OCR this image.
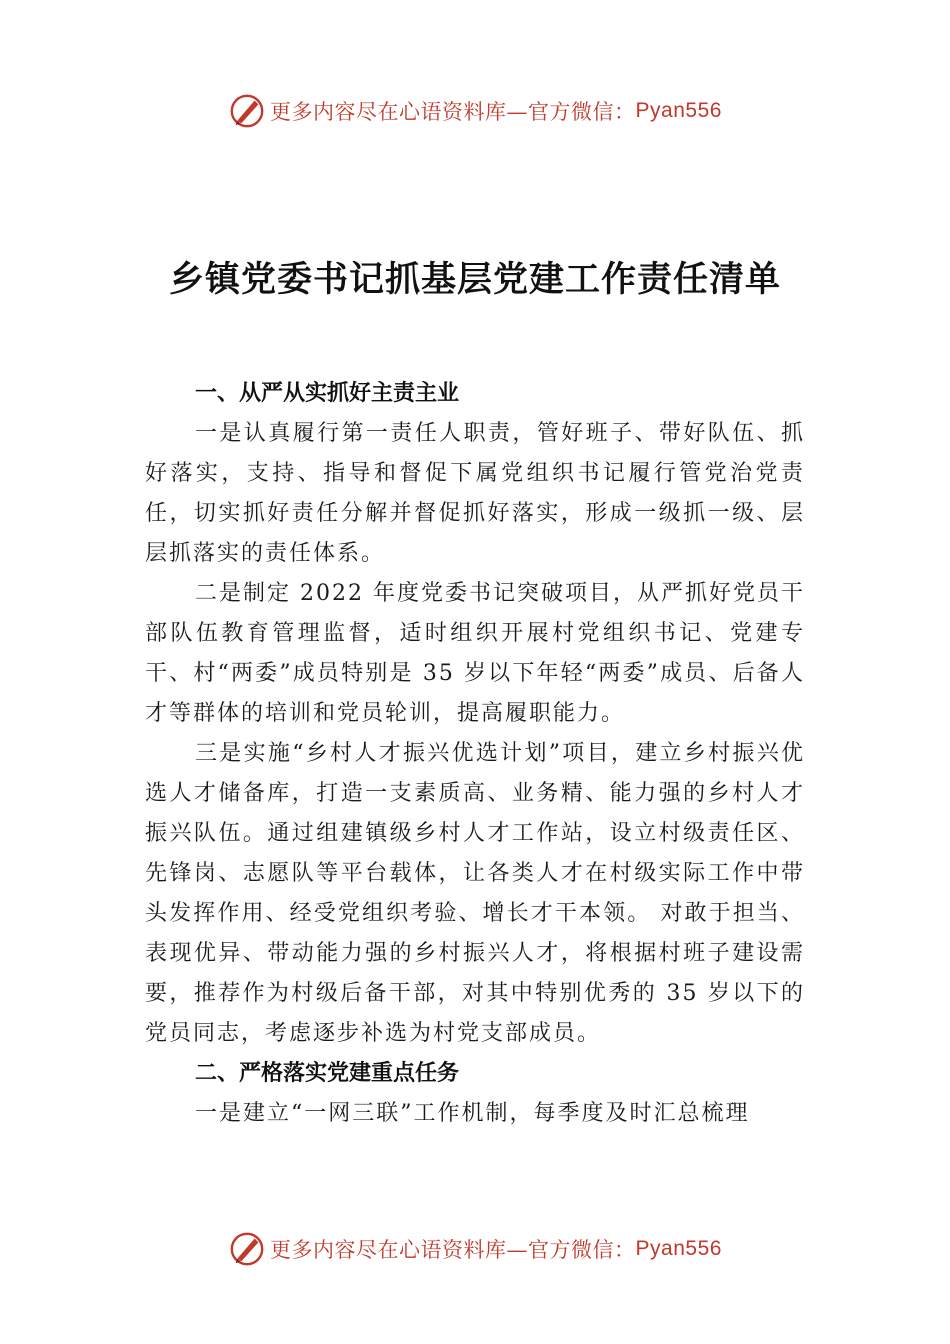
更多内容尽在心语资料库—官方微信： Pyan556
乡镇党委书记抓基层党建工作责任清单
一、从严从实抓好主责主业

一是认真履行第一责任人职责，管好班子、带好队伍、抓好落实，支持、指导和督促下属党组织书记履行管党治党责任，切实抓好责任分解并督促抓好落实，形成一级抓一级、层层抓落实的责任体系。

二是制定 2022 年度党委书记突破项目，从严抓好党员干部队伍教育管理监督，适时组织开展村党组织书记、党建专干、村“两委”成员特别是 35 岁以下年轻“两委”成员、后备人才等群体的培训和党员轮训，提高履职能力。

三是实施“乡村人才振兴优选计划”项目，建立乡村振兴优选人才储备库，打造一支素质高、业务精、能力强的乡村人才振兴队伍。通过组建镇级乡村人才工作站，设立村级责任区、先锋岗、志愿队等平台载体，让各类人才在村级实际工作中带头发挥作用、经受党组织考验、增长才干本领。 对敢于担当、表现优异、带动能力强的乡村振兴人才，将根据村班子建设需要，推荐作为村级后备干部，对其中特别优秀的 35 岁以下的党员同志，考虑逐步补选为村党支部成员。

二、严格落实党建重点任务

一是建立“一网三联”工作机制，每季度及时汇总梳理

更多内容尽在心语资料库—官方微信： Pyan556
